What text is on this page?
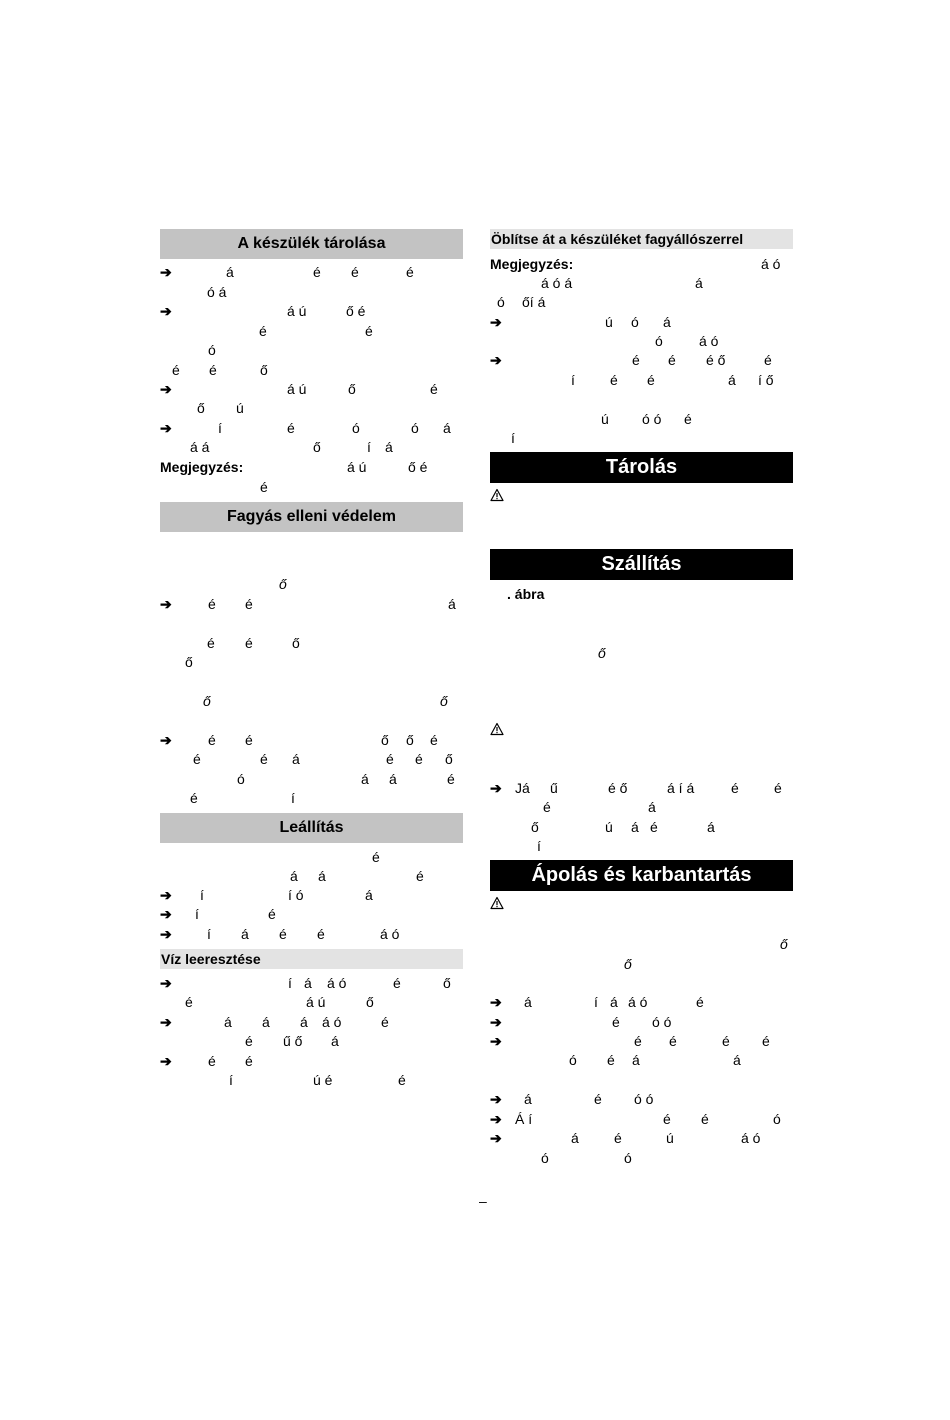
A készülék tárolása
➔	á	é é	é
ó á
➔	á ú	ő é
é	é
ó
é é	ő
➔	á ú	ő	é
ő ú
➔	í	é	ó	ó á
á á	ő	í á
Megjegyzés:	á ú	ő é
é
Fagyás elleni védelem
ő
➔	é é	á
é é	ő
ő
ő	ő
➔	é é	ő ő é
é	é á	é é ő
ó	á á	é
é	í
Leállítás
é
á á	é
➔ í	í ó	á
➔ í	é
➔	í á é é	á ó
Víz leeresztése
➔	í á á ó	é	ő
é	á ú	ő
➔	á á á á ó	é
é ű ő á
➔	é é
í	ú é	é
Öblítse át a készüléket fagyállószerrel
Megjegyzés:	á ó
á ó á	á
ó őí á
➔	ú ó á
ó	á ó
➔	é é é ő	é
í	é é	á í ő
ú ó ó é
í
Tárolás
Szállítás
. ábra
ő
➔ Já ű	é ő	á í á	é	é
é	á
ő	ú á é	á
í
Ápolás és karbantartás
ő
ő
➔ á	í á á ó	é
➔	é ó ó
➔	é é	é é
ó é á	á
➔ á	é ó ó
➔ Á í	é é	ó
➔	á	é	ú	á ó
ó	ó
–
